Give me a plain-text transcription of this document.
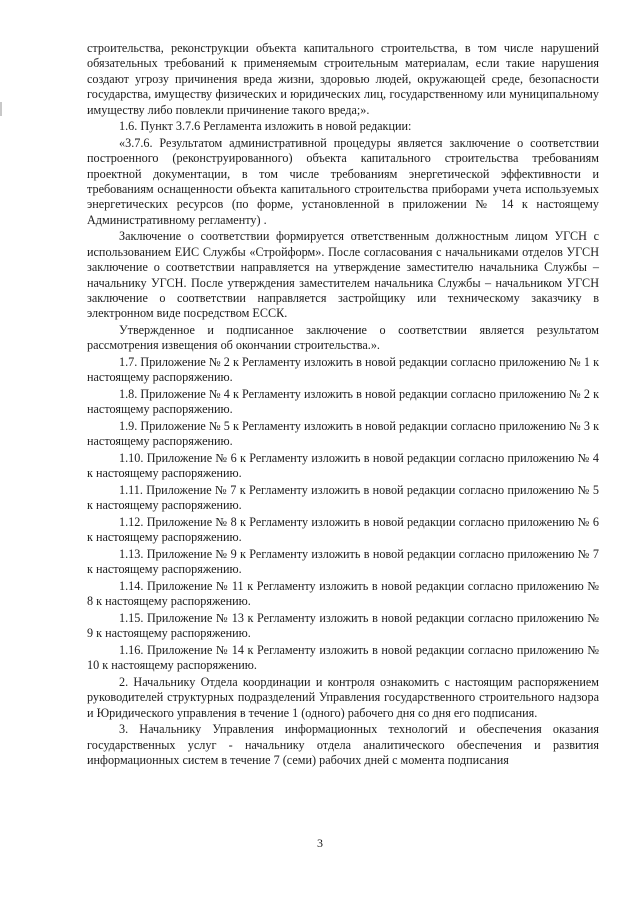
строительства, реконструкции объекта капитального строительства, в том числе нарушений обязательных требований к применяемым строительным материалам, если такие нарушения создают угрозу причинения вреда жизни, здоровью людей, окружающей среде, безопасности государства, имуществу физических и юридических лиц, государственному или муниципальному имуществу либо повлекли причинение такого вреда;».

1.6. Пункт 3.7.6 Регламента изложить в новой редакции:

«3.7.6. Результатом административной процедуры является заключение о соответствии построенного (реконструированного) объекта капитального строительства требованиям проектной документации, в том числе требованиям энергетической эффективности и требованиям оснащенности объекта капитального строительства приборами учета используемых энергетических ресурсов (по форме, установленной в приложении № 14 к настоящему Административному регламенту) .

Заключение о соответствии формируется ответственным должностным лицом УГСН с использованием ЕИС Службы «Стройформ». После согласования с начальниками отделов УГСН заключение о соответствии направляется на утверждение заместителю начальника Службы – начальнику УГСН. После утверждения заместителем начальника Службы – начальником УГСН заключение о соответствии направляется застройщику или техническому заказчику в электронном виде посредством ЕССК.

Утвержденное и подписанное заключение о соответствии является результатом рассмотрения извещения об окончании строительства.».

1.7. Приложение № 2 к Регламенту изложить в новой редакции согласно приложению № 1 к настоящему распоряжению.

1.8. Приложение № 4 к Регламенту изложить в новой редакции согласно приложению № 2 к настоящему распоряжению.

1.9. Приложение № 5 к Регламенту изложить в новой редакции согласно приложению № 3 к настоящему распоряжению.

1.10. Приложение № 6 к Регламенту изложить в новой редакции согласно приложению № 4 к настоящему распоряжению.

1.11. Приложение № 7 к Регламенту изложить в новой редакции согласно приложению № 5 к настоящему распоряжению.

1.12. Приложение № 8 к Регламенту изложить в новой редакции согласно приложению № 6 к настоящему распоряжению.

1.13. Приложение № 9 к Регламенту изложить в новой редакции согласно приложению № 7 к настоящему распоряжению.

1.14. Приложение № 11 к Регламенту изложить в новой редакции согласно приложению № 8 к настоящему распоряжению.

1.15. Приложение № 13 к Регламенту изложить в новой редакции согласно приложению № 9 к настоящему распоряжению.

1.16. Приложение № 14 к Регламенту изложить в новой редакции согласно приложению № 10 к настоящему распоряжению.

2. Начальнику Отдела координации и контроля ознакомить с настоящим распоряжением руководителей структурных подразделений Управления государственного строительного надзора и Юридического управления в течение 1 (одного) рабочего дня со дня его подписания.

3. Начальнику Управления информационных технологий и обеспечения оказания государственных услуг - начальнику отдела аналитического обеспечения и развития информационных систем в течение 7 (семи) рабочих дней с момента подписания

3
